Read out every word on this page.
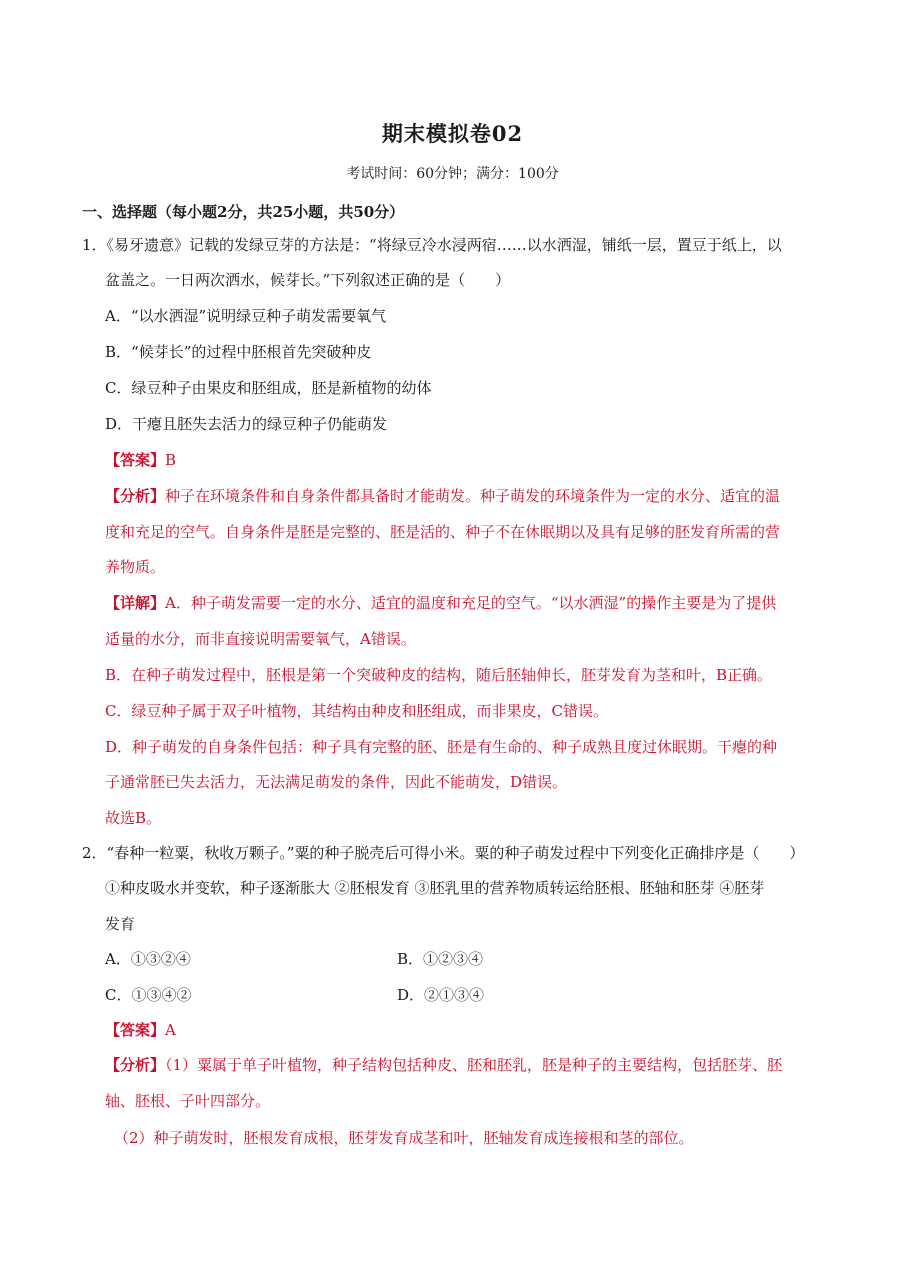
期末模拟卷02
考试时间：60分钟；满分：100分
一、选择题（每小题2分，共25小题，共50分）
1．《易牙遗意》记载的发绿豆芽的方法是：“将绿豆冷水浸两宿……以水洒湿，铺纸一层，置豆于纸上，以
盆盖之。一日两次洒水，候芽长。”下列叙述正确的是（　　）
A．“以水洒湿”说明绿豆种子萌发需要氧气
B．“候芽长”的过程中胚根首先突破种皮
C．绿豆种子由果皮和胚组成，胚是新植物的幼体
D．干瘪且胚失去活力的绿豆种子仍能萌发
【答案】B
【分析】种子在环境条件和自身条件都具备时才能萌发。种子萌发的环境条件为一定的水分、适宜的温
度和充足的空气。自身条件是胚是完整的、胚是活的、种子不在休眠期以及具有足够的胚发育所需的营
养物质。
【详解】A．种子萌发需要一定的水分、适宜的温度和充足的空气。“以水洒湿”的操作主要是为了提供
适量的水分，而非直接说明需要氧气，A错误。
B．在种子萌发过程中，胚根是第一个突破种皮的结构，随后胚轴伸长，胚芽发育为茎和叶，B正确。
C．绿豆种子属于双子叶植物，其结构由种皮和胚组成，而非果皮，C错误。
D．种子萌发的自身条件包括：种子具有完整的胚、胚是有生命的、种子成熟且度过休眠期。干瘪的种
子通常胚已失去活力，无法满足萌发的条件，因此不能萌发，D错误。
故选B。
2．“春种一粒粟，秋收万颗子。”粟的种子脱壳后可得小米。粟的种子萌发过程中下列变化正确排序是（　　）
①种皮吸水并变软，种子逐渐胀大 ②胚根发育 ③胚乳里的营养物质转运给胚根、胚轴和胚芽 ④胚芽
发育
A．①③②④	B．①②③④
C．①③④②	D．②①③④
【答案】A
【分析】（1）粟属于单子叶植物，种子结构包括种皮、胚和胚乳，胚是种子的主要结构，包括胚芽、胚
轴、胚根、子叶四部分。
（2）种子萌发时，胚根发育成根，胚芽发育成茎和叶，胚轴发育成连接根和茎的部位。
